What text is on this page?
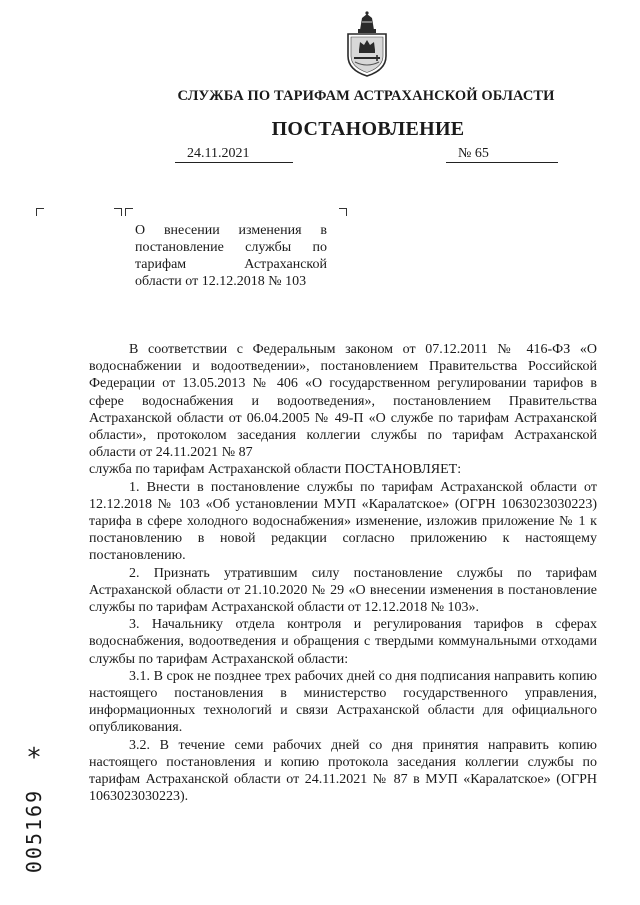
СЛУЖБА ПО ТАРИФАМ АСТРАХАНСКОЙ ОБЛАСТИ
ПОСТАНОВЛЕНИЕ
24.11.2021	№ 65
О внесении изменения в
постановление службы по
тарифам Астраханской
области от 12.12.2018 № 103

В соответствии с Федеральным законом от 07.12.2011 № 416-ФЗ «О водоснабжении и водоотведении», постановлением Правительства Российской Федерации от 13.05.2013 № 406 «О государственном регулировании тарифов в сфере водоснабжения и водоотведения», постановлением Правительства Астраханской области от 06.04.2005 № 49-П «О службе по тарифам Астраханской области», протоколом заседания коллегии службы по тарифам Астраханской области от 24.11.2021 № 87

служба по тарифам Астраханской области ПОСТАНОВЛЯЕТ:

1. Внести в постановление службы по тарифам Астраханской области от 12.12.2018 № 103 «Об установлении МУП «Каралатское» (ОГРН 1063023030223) тарифа в сфере холодного водоснабжения» изменение, изложив приложение № 1 к постановлению в новой редакции согласно приложению к настоящему постановлению.

2. Признать утратившим силу постановление службы по тарифам Астраханской области от 21.10.2020 № 29 «О внесении изменения в постановление службы по тарифам Астраханской области от 12.12.2018 № 103».

3. Начальнику отдела контроля и регулирования тарифов в сферах водоснабжения, водоотведения и обращения с твердыми коммунальными отходами службы по тарифам Астраханской области:

3.1. В срок не позднее трех рабочих дней со дня подписания направить копию настоящего постановления в министерство государственного управления, информационных технологий и связи Астраханской области для официального опубликования.

3.2. В течение семи рабочих дней со дня принятия направить копию настоящего постановления и копию протокола заседания коллегии службы по тарифам Астраханской области от 24.11.2021 № 87 в МУП «Каралатское» (ОГРН 1063023030223).

*
005169
